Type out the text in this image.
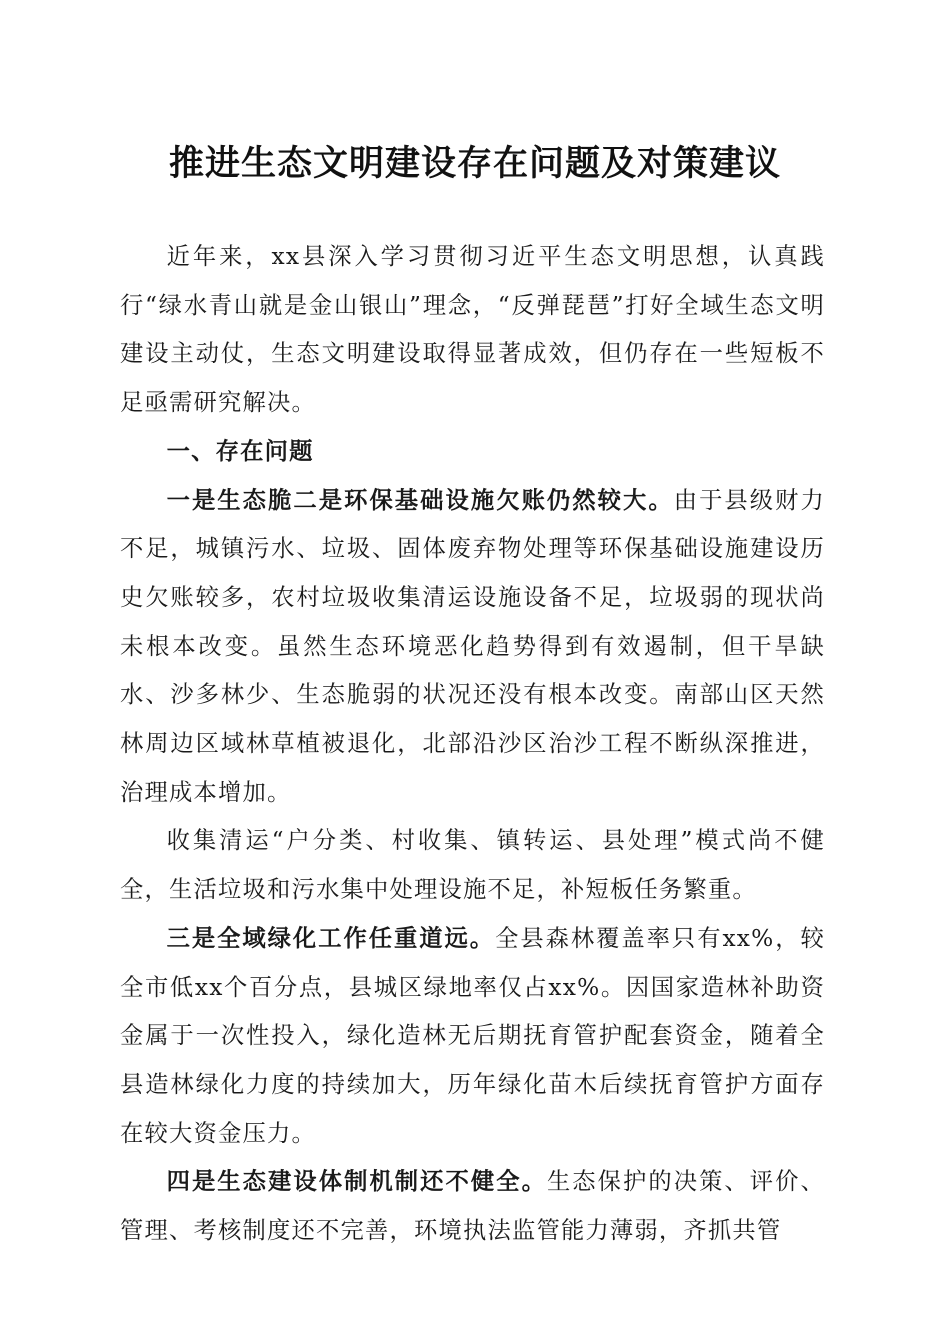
推进生态文明建设存在问题及对策建议

近年来，xx县深入学习贯彻习近平生态文明思想，认真践行“绿水青山就是金山银山”理念，“反弹琵琶”打好全域生态文明建设主动仗，生态文明建设取得显著成效，但仍存在一些短板不足亟需研究解决。

一、存在问题

一是生态脆二是环保基础设施欠账仍然较大。由于县级财力不足，城镇污水、垃圾、固体废弃物处理等环保基础设施建设历史欠账较多，农村垃圾收集清运设施设备不足，垃圾弱的现状尚未根本改变。虽然生态环境恶化趋势得到有效遏制，但干旱缺水、沙多林少、生态脆弱的状况还没有根本改变。南部山区天然林周边区域林草植被退化，北部沿沙区治沙工程不断纵深推进，治理成本增加。

收集清运“户分类、村收集、镇转运、县处理”模式尚不健全，生活垃圾和污水集中处理设施不足，补短板任务繁重。

三是全域绿化工作任重道远。全县森林覆盖率只有xx%，较全市低xx个百分点，县城区绿地率仅占xx%。因国家造林补助资金属于一次性投入，绿化造林无后期抚育管护配套资金，随着全县造林绿化力度的持续加大，历年绿化苗木后续抚育管护方面存在较大资金压力。

四是生态建设体制机制还不健全。生态保护的决策、评价、管理、考核制度还不完善，环境执法监管能力薄弱，齐抓共管
